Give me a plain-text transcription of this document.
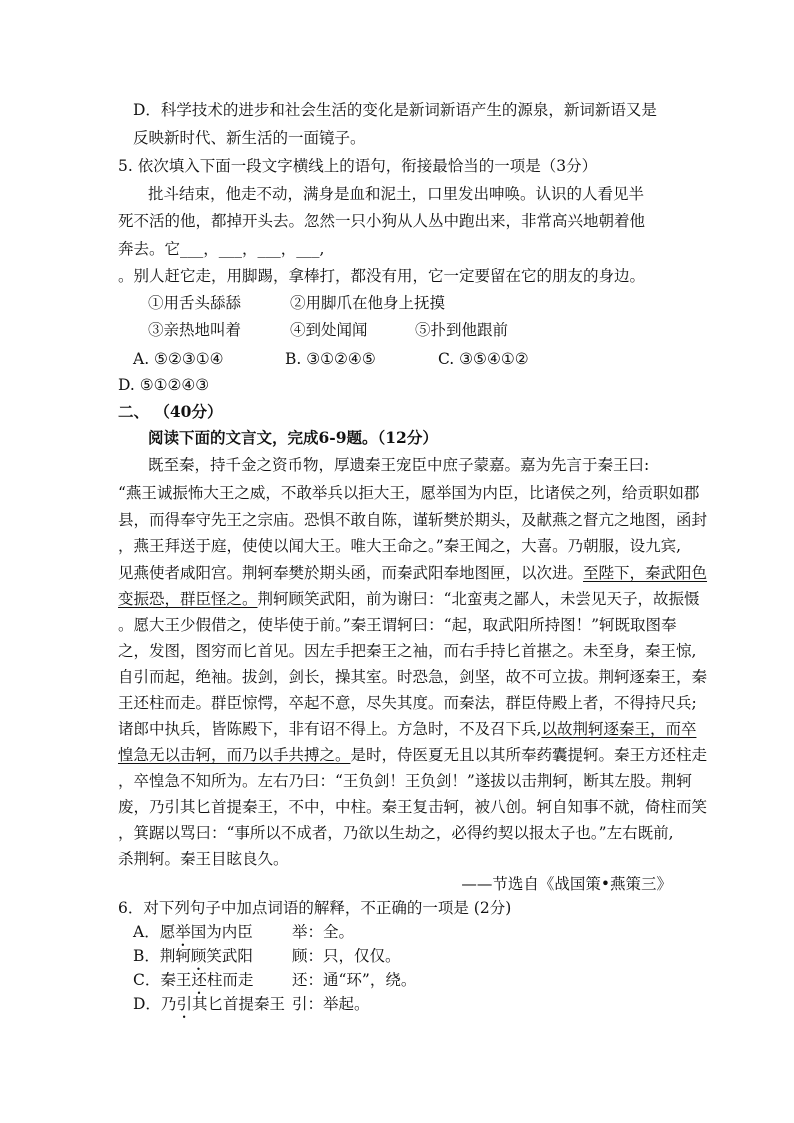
D．科学技术的进步和社会生活的变化是新词新语产生的源泉，新词新语又是
反映新时代、新生活的一面镜子。
5. 依次填入下面一段文字横线上的语句，衔接最恰当的一项是（3分）
批斗结束，他走不动，满身是血和泥土，口里发出呻唤。认识的人看见半
死不活的他，都掉开头去。忽然一只小狗从人丛中跑出来，非常高兴地朝着他
奔去。它___，___，___，___,
。别人赶它走，用脚踢，拿棒打，都没有用，它一定要留在它的朋友的身边。
①用舌头舔舔	②用脚爪在他身上抚摸
③亲热地叫着	④到处闻闻	⑤扑到他跟前
A. ⑤②③①④	B. ③①②④⑤	C. ③⑤④①②
D. ⑤①②④③
二、 （40分）
阅读下面的文言文，完成6-9题。（12分）
既至秦，持千金之资币物，厚遗秦王宠臣中庶子蒙嘉。嘉为先言于秦王曰:
“燕王诚振怖大王之威，不敢举兵以拒大王，愿举国为内臣，比诸侯之列，给贡职如郡
县，而得奉守先王之宗庙。恐惧不敢自陈，谨斩樊於期头，及献燕之督亢之地图，函封
，燕王拜送于庭，使使以闻大王。唯大王命之。”秦王闻之，大喜。乃朝服，设九宾,
见燕使者咸阳宫。荆轲奉樊於期头函，而秦武阳奉地图匣，以次进。至陛下，秦武阳色
变振恐，群臣怪之。荆轲顾笑武阳，前为谢曰：“北蛮夷之鄙人，未尝见天子，故振慑
。愿大王少假借之，使毕使于前。”秦王谓轲曰：“起，取武阳所持图！”轲既取图奉
之，发图，图穷而匕首见。因左手把秦王之袖，而右手持匕首揕之。未至身，秦王惊,
自引而起，绝袖。拔剑，剑长，操其室。时恐急，剑坚，故不可立拔。荆轲逐秦王，秦
王还柱而走。群臣惊愕，卒起不意，尽失其度。而秦法，群臣侍殿上者，不得持尺兵;
诸郎中执兵，皆陈殿下，非有诏不得上。方急时，不及召下兵,以故荆轲逐秦王，而卒
惶急无以击轲，而乃以手共搏之。是时，侍医夏无且以其所奉药囊提轲。秦王方还柱走
，卒惶急不知所为。左右乃曰：“王负剑！王负剑！”遂拔以击荆轲，断其左股。荆轲
废，乃引其匕首提秦王，不中，中柱。秦王复击轲，被八创。轲自知事不就，倚柱而笑
，箕踞以骂曰：“事所以不成者，乃欲以生劫之，必得约契以报太子也。”左右既前,
杀荆轲。秦王目眩良久。
——节选自《战国策•燕策三》
6．对下列句子中加点词语的解释，不正确的一项是 (2分)
A．愿举国为内臣	举：全。
B．荆轲顾笑武阳	顾：只，仅仅。
C．秦王还柱而走 还：通“环”，绕。
D．乃引其匕首提秦王 引：举起。
